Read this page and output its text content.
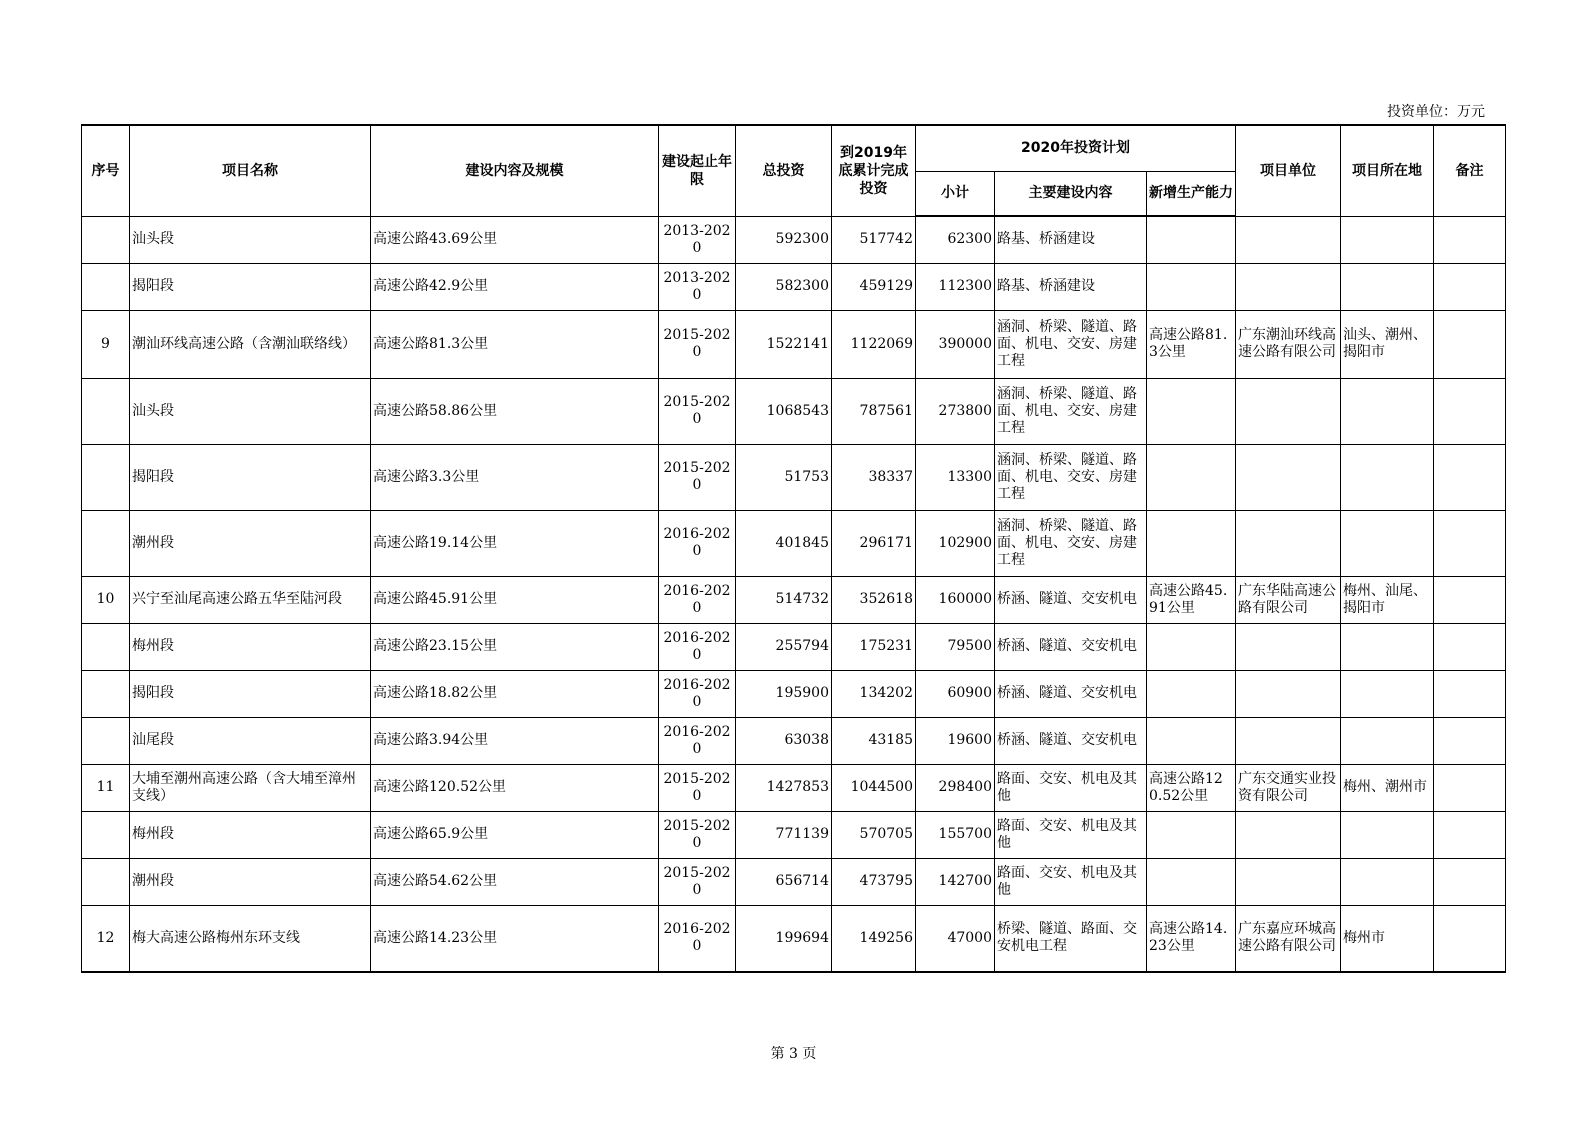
投资单位：万元
序号	项目名称	建设内容及规模	建设起止年限	总投资	到2019年底累计完成投资	2020年投资计划			项目单位	项目所在地	备注
						小计	主要建设内容	新增生产能力			
	汕头段	高速公路43.69公里	2013-2020	592300	517742	62300	路基、桥涵建设				
	揭阳段	高速公路42.9公里	2013-2020	582300	459129	112300	路基、桥涵建设				
9	潮汕环线高速公路（含潮汕联络线）	高速公路81.3公里	2015-2020	1522141	1122069	390000	涵洞、桥梁、隧道、路面、机电、交安、房建工程	高速公路81.3公里	广东潮汕环线高速公路有限公司	汕头、潮州、揭阳市	
	汕头段	高速公路58.86公里	2015-2020	1068543	787561	273800	涵洞、桥梁、隧道、路面、机电、交安、房建工程				
	揭阳段	高速公路3.3公里	2015-2020	51753	38337	13300	涵洞、桥梁、隧道、路面、机电、交安、房建工程				
	潮州段	高速公路19.14公里	2016-2020	401845	296171	102900	涵洞、桥梁、隧道、路面、机电、交安、房建工程				
10	兴宁至汕尾高速公路五华至陆河段	高速公路45.91公里	2016-2020	514732	352618	160000	桥涵、隧道、交安机电	高速公路45.91公里	广东华陆高速公路有限公司	梅州、汕尾、揭阳市	
	梅州段	高速公路23.15公里	2016-2020	255794	175231	79500	桥涵、隧道、交安机电				
	揭阳段	高速公路18.82公里	2016-2020	195900	134202	60900	桥涵、隧道、交安机电				
	汕尾段	高速公路3.94公里	2016-2020	63038	43185	19600	桥涵、隧道、交安机电				
11	大埔至潮州高速公路（含大埔至漳州支线）	高速公路120.52公里	2015-2020	1427853	1044500	298400	路面、交安、机电及其他	高速公路120.52公里	广东交通实业投资有限公司	梅州、潮州市	
	梅州段	高速公路65.9公里	2015-2020	771139	570705	155700	路面、交安、机电及其他				
	潮州段	高速公路54.62公里	2015-2020	656714	473795	142700	路面、交安、机电及其他				
12	梅大高速公路梅州东环支线	高速公路14.23公里	2016-2020	199694	149256	47000	桥梁、隧道、路面、交安机电工程	高速公路14.23公里	广东嘉应环城高速公路有限公司	梅州市	
第 3 页
